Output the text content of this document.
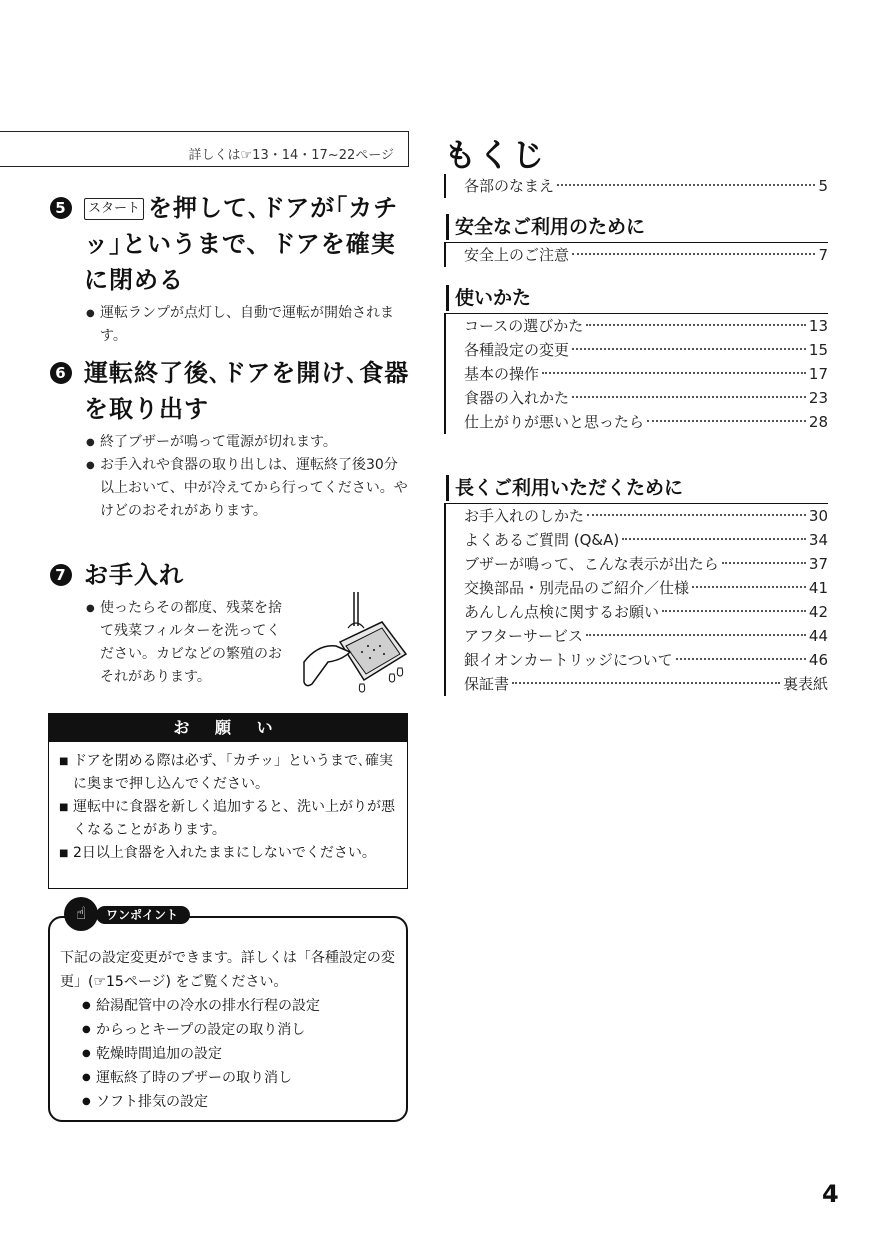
詳しくは☞13・14・17~22ページ
5	スタート を押して､ドアが｢カチッ｣というまで、ドアを確実に閉める
● 運転ランプが点灯し、自動で運転が開始されます。
6 運転終了後､ドアを開け､食器を取り出す
● 終了ブザーが鳴って電源が切れます。
● お手入れや食器の取り出しは、運転終了後30分以上おいて、中が冷えてから行ってください。やけどのおそれがあります。
7 お手入れ
● 使ったらその都度、残菜を捨て残菜フィルターを洗ってください。カビなどの繁殖のおそれがあります。
お 願 い
■ ドアを閉める際は必ず、「カチッ」というまで､確実に奥まで押し込んでください。
■ 運転中に食器を新しく追加すると、洗い上がりが悪くなることがあります。
■ 2日以上食器を入れたままにしないでください。
下記の設定変更ができます。詳しくは「各種設定の変更」(☞15ページ) をご覧ください。
● 給湯配管中の冷水の排水行程の設定
● からっとキープの設定の取り消し
● 乾燥時間追加の設定
● 運転終了時のブザーの取り消し
● ソフト排気の設定
ワンポイント
☝
もくじ
各部のなまえ	5
安全なご利用のために
安全上のご注意	7
使いかた
コースの選びかた	13
各種設定の変更	15
基本の操作	17
食器の入れかた	23
仕上がりが悪いと思ったら	28
長くご利用いただくために
お手入れのしかた	30
よくあるご質問 (Q&A)	34
ブザーが鳴って、こんな表示が出たら	37
交換部品・別売品のご紹介／仕様	41
あんしん点検に関するお願い	42
アフターサービス	44
銀イオンカートリッジについて	46
保証書	裏表紙
4
